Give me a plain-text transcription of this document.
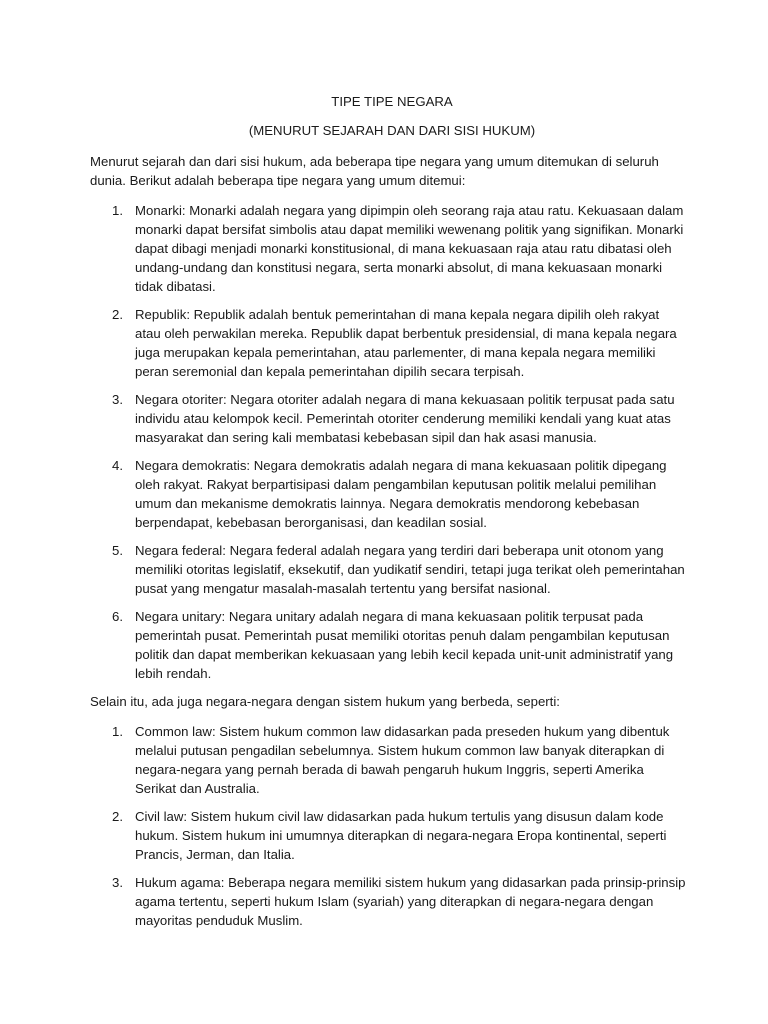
TIPE TIPE NEGARA
(MENURUT SEJARAH DAN DARI SISI HUKUM)

Menurut sejarah dan dari sisi hukum, ada beberapa tipe negara yang umum ditemukan di seluruh dunia. Berikut adalah beberapa tipe negara yang umum ditemui:

1. Monarki: Monarki adalah negara yang dipimpin oleh seorang raja atau ratu. Kekuasaan dalam monarki dapat bersifat simbolis atau dapat memiliki wewenang politik yang signifikan. Monarki dapat dibagi menjadi monarki konstitusional, di mana kekuasaan raja atau ratu dibatasi oleh undang-undang dan konstitusi negara, serta monarki absolut, di mana kekuasaan monarki tidak dibatasi.
2. Republik: Republik adalah bentuk pemerintahan di mana kepala negara dipilih oleh rakyat atau oleh perwakilan mereka. Republik dapat berbentuk presidensial, di mana kepala negara juga merupakan kepala pemerintahan, atau parlementer, di mana kepala negara memiliki peran seremonial dan kepala pemerintahan dipilih secara terpisah.
3. Negara otoriter: Negara otoriter adalah negara di mana kekuasaan politik terpusat pada satu individu atau kelompok kecil. Pemerintah otoriter cenderung memiliki kendali yang kuat atas masyarakat dan sering kali membatasi kebebasan sipil dan hak asasi manusia.
4. Negara demokratis: Negara demokratis adalah negara di mana kekuasaan politik dipegang oleh rakyat. Rakyat berpartisipasi dalam pengambilan keputusan politik melalui pemilihan umum dan mekanisme demokratis lainnya. Negara demokratis mendorong kebebasan berpendapat, kebebasan berorganisasi, dan keadilan sosial.
5. Negara federal: Negara federal adalah negara yang terdiri dari beberapa unit otonom yang memiliki otoritas legislatif, eksekutif, dan yudikatif sendiri, tetapi juga terikat oleh pemerintahan pusat yang mengatur masalah-masalah tertentu yang bersifat nasional.
6. Negara unitary: Negara unitary adalah negara di mana kekuasaan politik terpusat pada pemerintah pusat. Pemerintah pusat memiliki otoritas penuh dalam pengambilan keputusan politik dan dapat memberikan kekuasaan yang lebih kecil kepada unit-unit administratif yang lebih rendah.

Selain itu, ada juga negara-negara dengan sistem hukum yang berbeda, seperti:

1. Common law: Sistem hukum common law didasarkan pada preseden hukum yang dibentuk melalui putusan pengadilan sebelumnya. Sistem hukum common law banyak diterapkan di negara-negara yang pernah berada di bawah pengaruh hukum Inggris, seperti Amerika Serikat dan Australia.
2. Civil law: Sistem hukum civil law didasarkan pada hukum tertulis yang disusun dalam kode hukum. Sistem hukum ini umumnya diterapkan di negara-negara Eropa kontinental, seperti Prancis, Jerman, dan Italia.
3. Hukum agama: Beberapa negara memiliki sistem hukum yang didasarkan pada prinsip-prinsip agama tertentu, seperti hukum Islam (syariah) yang diterapkan di negara-negara dengan mayoritas penduduk Muslim.
